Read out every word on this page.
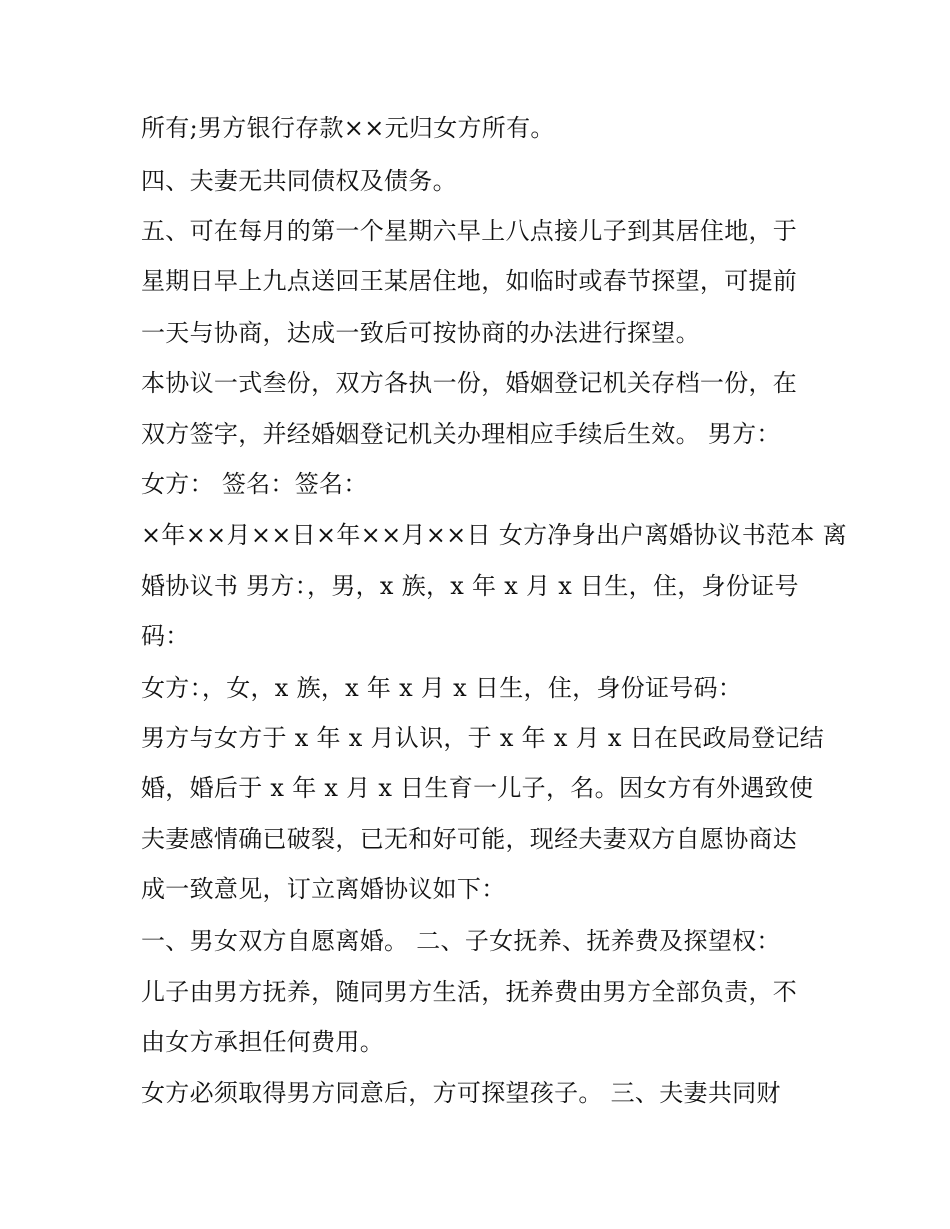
所有;男方银行存款××元归女方所有。
四、夫妻无共同债权及债务。
五、可在每月的第一个星期六早上八点接儿子到其居住地，于
星期日早上九点送回王某居住地，如临时或春节探望，可提前
一天与协商，达成一致后可按协商的办法进行探望。
本协议一式叁份，双方各执一份，婚姻登记机关存档一份，在
双方签字，并经婚姻登记机关办理相应手续后生效。 男方：
女方： 签名：签名：
×年××月××日×年××月××日 女方净身出户离婚协议书范本 离
婚协议书 男方：，男，x 族，x 年 x 月 x 日生，住，身份证号
码：
女方：，女，x 族，x 年 x 月 x 日生，住，身份证号码：
男方与女方于 x 年 x 月认识，于 x 年 x 月 x 日在民政局登记结
婚，婚后于 x 年 x 月 x 日生育一儿子，名。因女方有外遇致使
夫妻感情确已破裂，已无和好可能，现经夫妻双方自愿协商达
成一致意见，订立离婚协议如下：
一、男女双方自愿离婚。 二、子女抚养、抚养费及探望权：
儿子由男方抚养，随同男方生活，抚养费由男方全部负责，不
由女方承担任何费用。
女方必须取得男方同意后，方可探望孩子。 三、夫妻共同财
